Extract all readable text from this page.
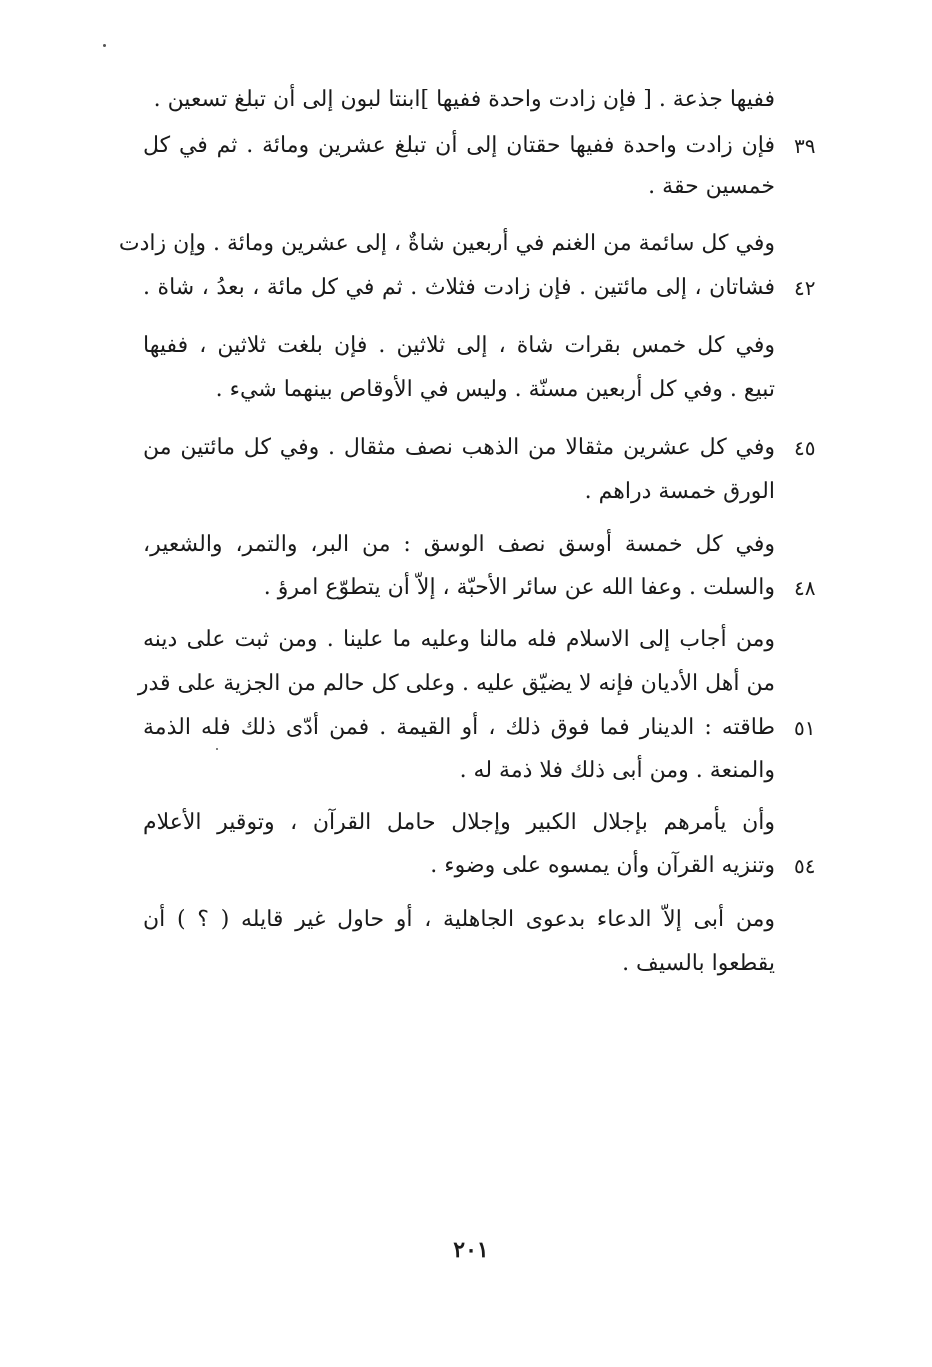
ففيها جذعة . [ فإن زادت واحدة ففيها ]ابنتا لبون إلى أن تبلغ تسعين .
فإن زادت واحدة ففيها حقتان إلى أن تبلغ عشرين ومائة . ثم في كل ٣٩
خمسين حقة .
وفي كل سائمة من الغنم في أربعين شاةٌ ، إلى عشرين ومائة . وإن زادت
فشاتان ، إلى مائتين . فإن زادت فثلاث . ثم في كل مائة ، بعدُ ، شاة . ٤٢
وفي كل خمس بقرات شاة ، إلى ثلاثين . فإن بلغت ثلاثين ، ففيها
تبيع . وفي كل أربعين مسنّة . وليس في الأوقاص بينهما شيء .
وفي كل عشرين مثقالا من الذهب نصف مثقال . وفي كل مائتين من ٤٥
الورق خمسة دراهم .
وفي كل خمسة أوسق نصف الوسق : من البر، والتمر، والشعير،
والسلت . وعفا الله عن سائر الأحبّة ، إلاّ أن يتطوّع امرؤ . ٤٨
ومن أجاب إلى الاسلام فله مالنا وعليه ما علينا . ومن ثبت على دينه
من أهل الأديان فإنه لا يضيّق عليه . وعلى كل حالم من الجزية على قدر
طاقته : الدينار فما فوق ذلك ، أو القيمة . فمن أدّى ذلك فله الذمة ٥١
والمنعة . ومن أبى ذلك فلا ذمة له .
وأن يأمرهم بإجلال الكبير وإجلال حامل القرآن ، وتوقير الأعلام
وتنزيه القرآن وأن يمسوه على وضوء . ٥٤
ومن أبى إلاّ الدعاء بدعوى الجاهلية ، أو حاول غير قايله ( ؟ ) أن
يقطعوا بالسيف .
٢٠١
